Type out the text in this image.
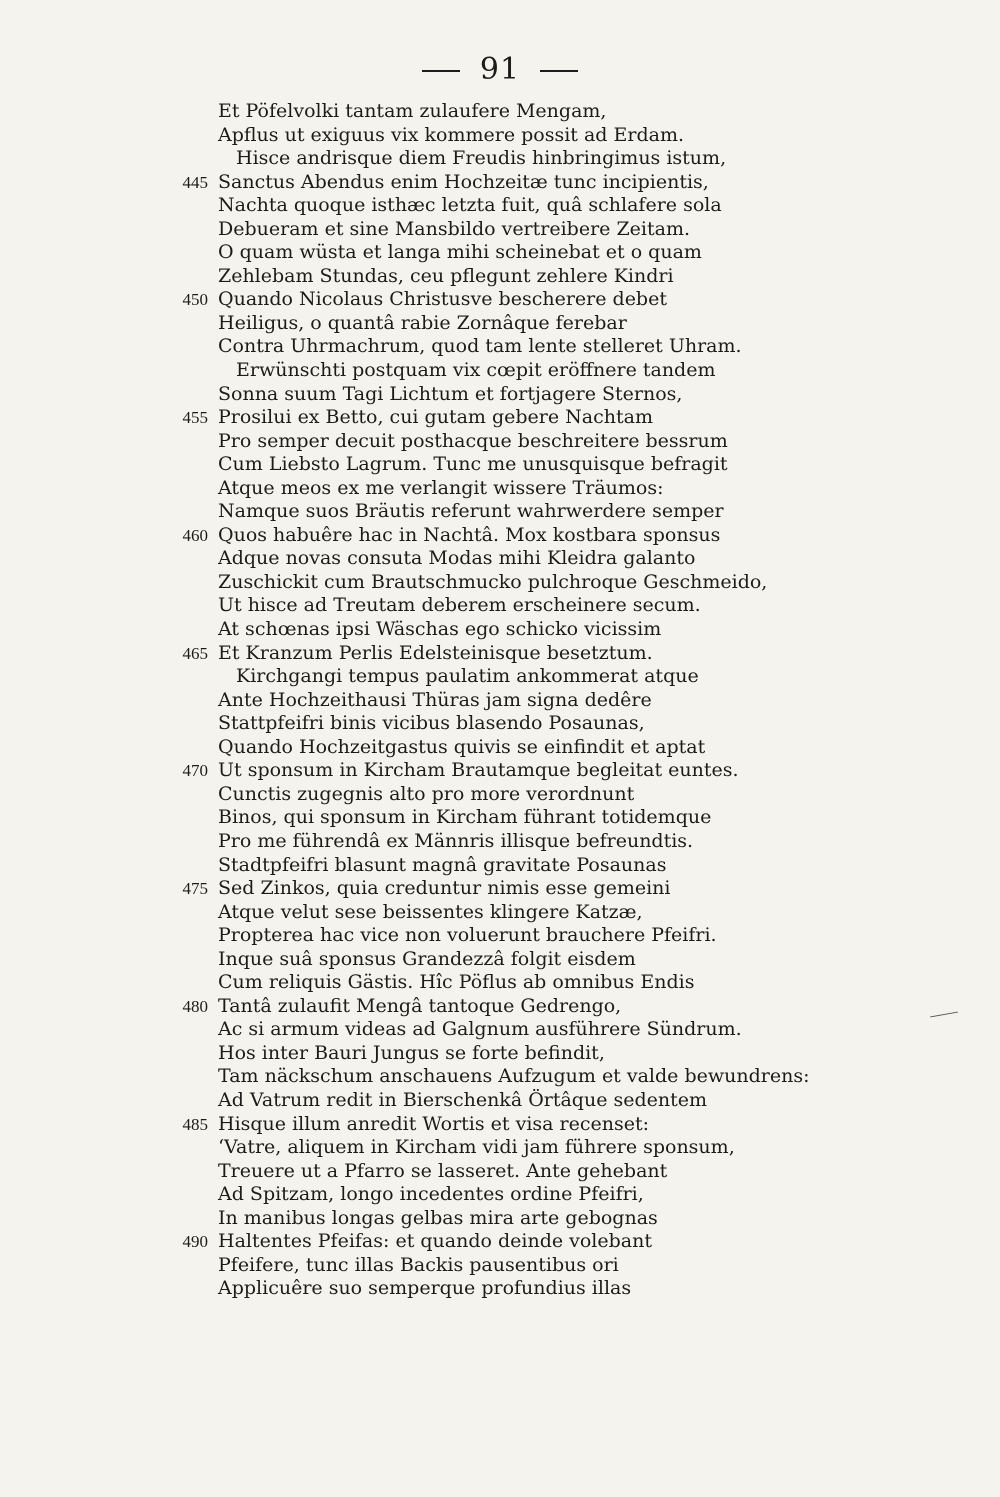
91
Et Pöfelvolki tantam zulaufere Mengam,
Apflus ut exiguus vix kommere possit ad Erdam.
Hisce andrisque diem Freudis hinbringimus istum,
445 Sanctus Abendus enim Hochzeitæ tunc incipientis,
Nachta quoque isthæc letzta fuit, quâ schlafere sola
Debueram et sine Mansbildo vertreibere Zeitam.
O quam wüsta et langa mihi scheinebat et o quam
Zehlebam Stundas, ceu pflegunt zehlere Kindri
450 Quando Nicolaus Christusve bescherere debet
Heiligus, o quantâ rabie Zornâque ferebar
Contra Uhrmachrum, quod tam lente stelleret Uhram.
Erwünschti postquam vix cœpit eröffnere tandem
Sonna suum Tagi Lichtum et fortjagere Sternos,
455 Prosilui ex Betto, cui gutam gebere Nachtam
Pro semper decuit posthacque beschreitere bessrum
Cum Liebsto Lagrum. Tunc me unusquisque befragit
Atque meos ex me verlangit wissere Träumos:
Namque suos Bräutis referunt wahrwerdere semper
460 Quos habuêre hac in Nachtâ. Mox kostbara sponsus
Adque novas consuta Modas mihi Kleidra galanto
Zuschickit cum Brautschmucko pulchroque Geschmeido,
Ut hisce ad Treutam deberem erscheinere secum.
At schœnas ipsi Wäschas ego schicko vicissim
465 Et Kranzum Perlis Edelsteinisque besetztum.
Kirchgangi tempus paulatim ankommerat atque
Ante Hochzeithausi Thüras jam signa dedêre
Stattpfeifri binis vicibus blasendo Posaunas,
Quando Hochzeitgastus quivis se einfindit et aptat
470 Ut sponsum in Kircham Brautamque begleitat euntes.
Cunctis zugegnis alto pro more verordnunt
Binos, qui sponsum in Kircham führant totidemque
Pro me führendâ ex Männris illisque befreundtis.
Stadtpfeifri blasunt magnâ gravitate Posaunas
475 Sed Zinkos, quia creduntur nimis esse gemeini
Atque velut sese beissentes klingere Katzæ,
Propterea hac vice non voluerunt brauchere Pfeifri.
Inque suâ sponsus Grandezzâ folgit eisdem
Cum reliquis Gästis. Hîc Pöflus ab omnibus Endis
480 Tantâ zulaufit Mengâ tantoque Gedrengo,
Ac si armum videas ad Galgnum ausführere Sündrum.
Hos inter Bauri Jungus se forte befindit,
Tam näckschum anschauens Aufzugum et valde bewundrens:
Ad Vatrum redit in Bierschenkâ Örtâque sedentem
485 Hisque illum anredit Wortis et visa recenset:
‘Vatre, aliquem in Kircham vidi jam führere sponsum,
Treuere ut a Pfarro se lasseret. Ante gehebant
Ad Spitzam, longo incedentes ordine Pfeifri,
In manibus longas gelbas mira arte gebognas
490 Haltentes Pfeifas: et quando deinde volebant
Pfeifere, tunc illas Backis pausentibus ori
Applicuêre suo semperque profundius illas
